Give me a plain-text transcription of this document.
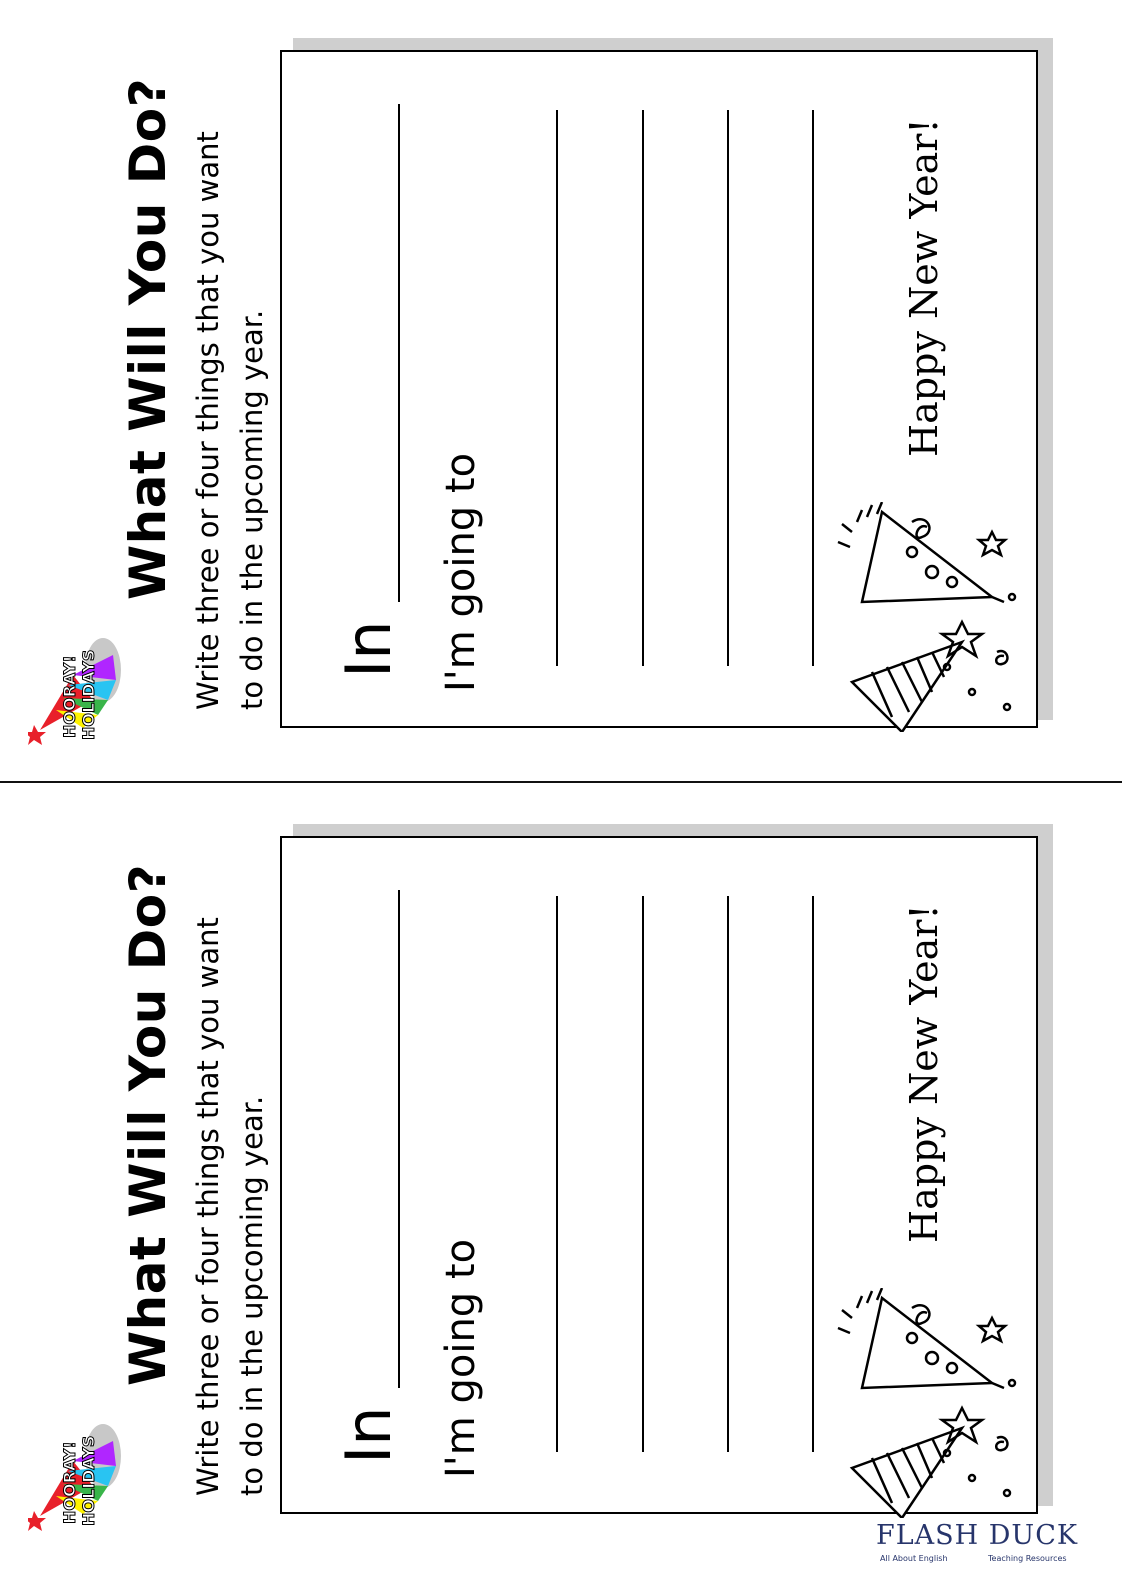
HOORAY! HOLIDAYS
What Will You Do? Write three or four things that you want to do in the upcoming year. In I'm going to
Happy New Year!
HOORAY! HOLIDAYS
What Will You Do? Write three or four things that you want to do in the upcoming year. In I'm going to
Happy New Year!
FLASH DUCK
All About English	Teaching Resources
